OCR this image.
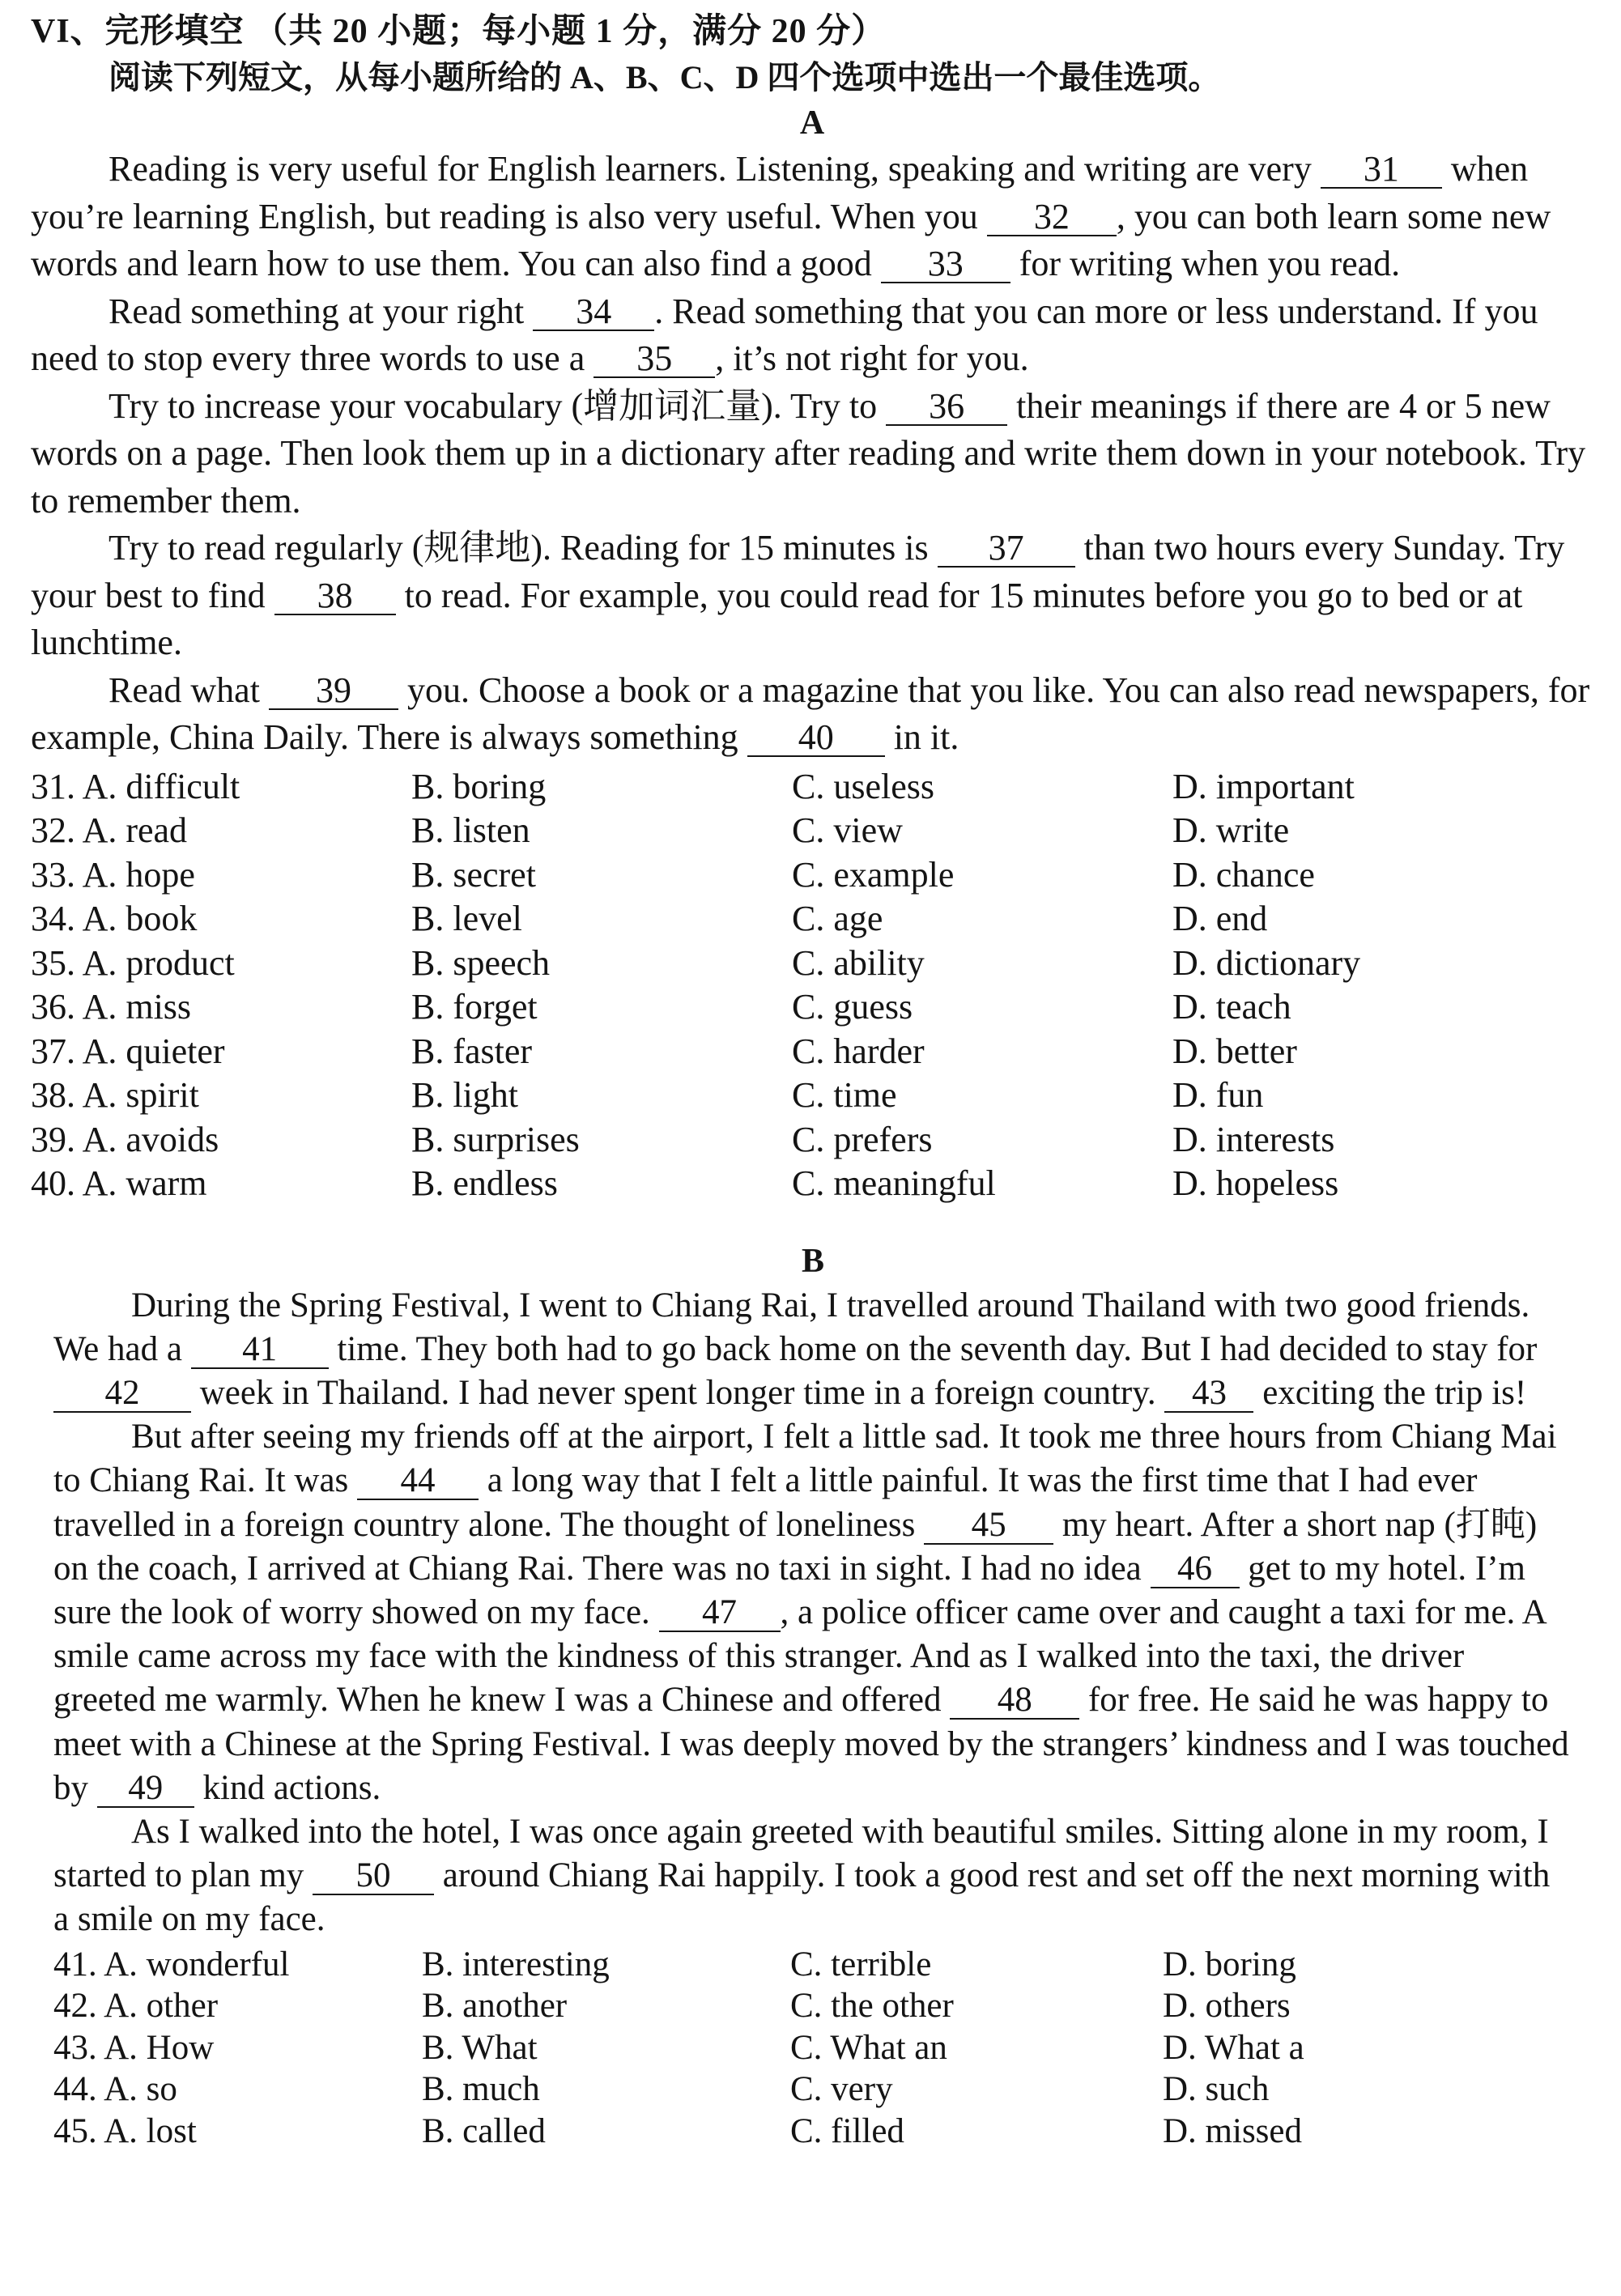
VI、完形填空 （共 20 小题；每小题 1 分，满分 20 分）
阅读下列短文，从每小题所给的 A、B、C、D 四个选项中选出一个最佳选项。
A

Reading is very useful for English learners. Listening, speaking and writing are very 31 when you’re learning English, but reading is also very useful. When you 32 , you can both learn some new words and learn how to use them. You can also find a good 33 for writing when you read.

Read something at your right 34 . Read something that you can more or less understand. If you need to stop every three words to use a 35 , it’s not right for you.

Try to increase your vocabulary (增加词汇量). Try to 36 their meanings if there are 4 or 5 new words on a page. Then look them up in a dictionary after reading and write them down in your notebook. Try to remember them.

Try to read regularly (规律地). Reading for 15 minutes is 37 than two hours every Sunday. Try your best to find 38 to read. For example, you could read for 15 minutes before you go to bed or at lunchtime.

Read what 39 you. Choose a book or a magazine that you like. You can also read newspapers, for example, China Daily. There is always something 40 in it.

31. A. difficult	B. boring	C. useless	D. important
32. A. read	B. listen	C. view	D. write
33. A. hope	B. secret	C. example	D. chance
34. A. book	B. level	C. age	D. end
35. A. product	B. speech	C. ability	D. dictionary
36. A. miss	B. forget	C. guess	D. teach
37. A. quieter	B. faster	C. harder	D. better
38. A. spirit	B. light	C. time	D. fun
39. A. avoids	B. surprises	C. prefers	D. interests
40. A. warm	B. endless	C. meaningful	D. hopeless
B

During the Spring Festival, I went to Chiang Rai, I travelled around Thailand with two good friends. We had a 41 time. They both had to go back home on the seventh day. But I had decided to stay for 42 week in Thailand. I had never spent longer time in a foreign country. 43 exciting the trip is!

But after seeing my friends off at the airport, I felt a little sad. It took me three hours from Chiang Mai to Chiang Rai. It was 44 a long way that I felt a little painful. It was the first time that I had ever travelled in a foreign country alone. The thought of loneliness 45 my heart. After a short nap (打盹) on the coach, I arrived at Chiang Rai. There was no taxi in sight. I had no idea 46 get to my hotel. I’m sure the look of worry showed on my face. 47 , a police officer came over and caught a taxi for me. A smile came across my face with the kindness of this stranger. And as I walked into the taxi, the driver greeted me warmly. When he knew I was a Chinese and offered 48 for free. He said he was happy to meet with a Chinese at the Spring Festival. I was deeply moved by the strangers’ kindness and I was touched by 49 kind actions.

As I walked into the hotel, I was once again greeted with beautiful smiles. Sitting alone in my room, I started to plan my 50 around Chiang Rai happily. I took a good rest and set off the next morning with a smile on my face.

41. A. wonderful	B. interesting	C. terrible	D. boring
42. A. other	B. another	C. the other	D. others
43. A. How	B. What	C. What an	D. What a
44. A. so	B. much	C. very	D. such
45. A. lost	B. called	C. filled	D. missed
